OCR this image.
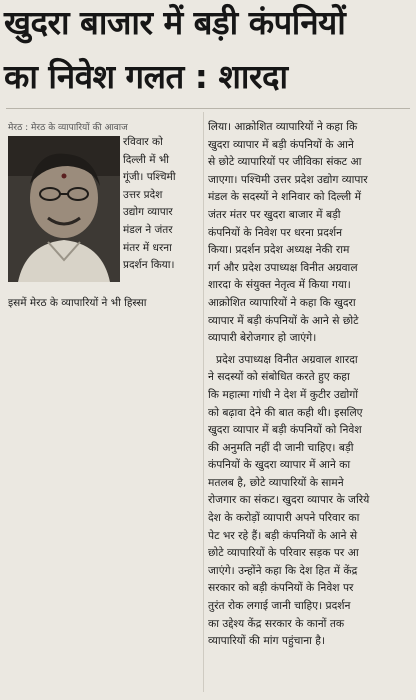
खुदरा बाजार में बड़ी कंपनियों
का निवेश गलत : शारदा
मेरठ : मेरठ के व्यापारियों की आवाज
रविवार को
दिल्ली में भी
गूंजी। पश्चिमी
उत्तर प्रदेश
उद्योग व्यापार
मंडल ने जंतर
मंतर में धरना
प्रदर्शन किया।
इसमें मेरठ के व्यापारियों ने भी हिस्सा

लिया। आक्रोशित व्यापारियों ने कहा कि
खुदरा व्यापार में बड़ी कंपनियों के आने
से छोटे व्यापारियों पर जीविका संकट आ
जाएगा। पश्चिमी उत्तर प्रदेश उद्योग व्यापार
मंडल के सदस्यों ने शनिवार को दिल्ली में
जंतर मंतर पर खुदरा बाजार में बड़ी
कंपनियों के निवेश पर धरना प्रदर्शन
किया। प्रदर्शन प्रदेश अध्यक्ष नेकी राम
गर्ग और प्रदेश उपाध्यक्ष विनीत अग्रवाल
शारदा के संयुक्त नेतृत्व में किया गया।
आक्रोशित व्यापारियों ने कहा कि खुदरा
व्यापार में बड़ी कंपनियों के आने से छोटे
व्यापारी बेरोजगार हो जाएंगे।

प्रदेश उपाध्यक्ष विनीत अग्रवाल शारदा
ने सदस्यों को संबोधित करते हुए कहा
कि महात्मा गांधी ने देश में कुटीर उद्योगों
को बढ़ावा देने की बात कही थी। इसलिए
खुदरा व्यापार में बड़ी कंपनियों को निवेश
की अनुमति नहीं दी जानी चाहिए। बड़ी
कंपनियों के खुदरा व्यापार में आने का
मतलब है, छोटे व्यापारियों के सामने
रोजगार का संकट। खुदरा व्यापार के जरिये
देश के करोड़ों व्यापारी अपने परिवार का
पेट भर रहे हैं। बड़ी कंपनियों के आने से
छोटे व्यापारियों के परिवार सड़क पर आ
जाएंगे। उन्होंने कहा कि देश हित में केंद्र
सरकार को बड़ी कंपनियों के निवेश पर
तुरंत रोक लगाई जानी चाहिए। प्रदर्शन
का उद्देश्य केंद्र सरकार के कानों तक
व्यापारियों की मांग पहुंचाना है।
